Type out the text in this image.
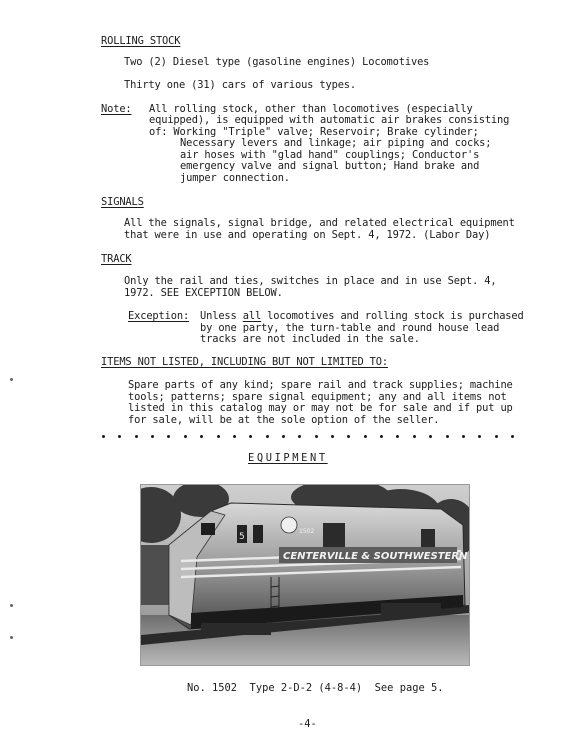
ROLLING STOCK
Two (2) Diesel type (gasoline engines) Locomotives
Thirty one (31) cars of various types.
Note: All rolling stock, other than locomotives (especially
equipped), is equipped with automatic air brakes consisting
of: Working "Triple" valve; Reservoir; Brake cylinder;
Necessary levers and linkage; air piping and cocks;
air hoses with "glad hand" couplings; Conductor's
emergency valve and signal button; Hand brake and
jumper connection.
SIGNALS
All the signals, signal bridge, and related electrical equipment
that were in use and operating on Sept. 4, 1972. (Labor Day)
TRACK
Only the rail and ties, switches in place and in use Sept. 4,
1972. SEE EXCEPTION BELOW.
Exception: Unless all locomotives and rolling stock is purchased
by one party, the turn-table and round house lead
tracks are not included in the sale.
ITEMS NOT LISTED, INCLUDING BUT NOT LIMITED TO:
Spare parts of any kind; spare rail and track supplies; machine
tools; patterns; spare signal equipment; any and all items not
listed in this catalog may or may not be for sale and if put up
for sale, will be at the sole option of the seller.
EQUIPMENT
CENTERVILLE & SOUTHWESTERN
1502
5
No. 1502  Type 2-D-2 (4-8-4)  See page 5.
-4-
